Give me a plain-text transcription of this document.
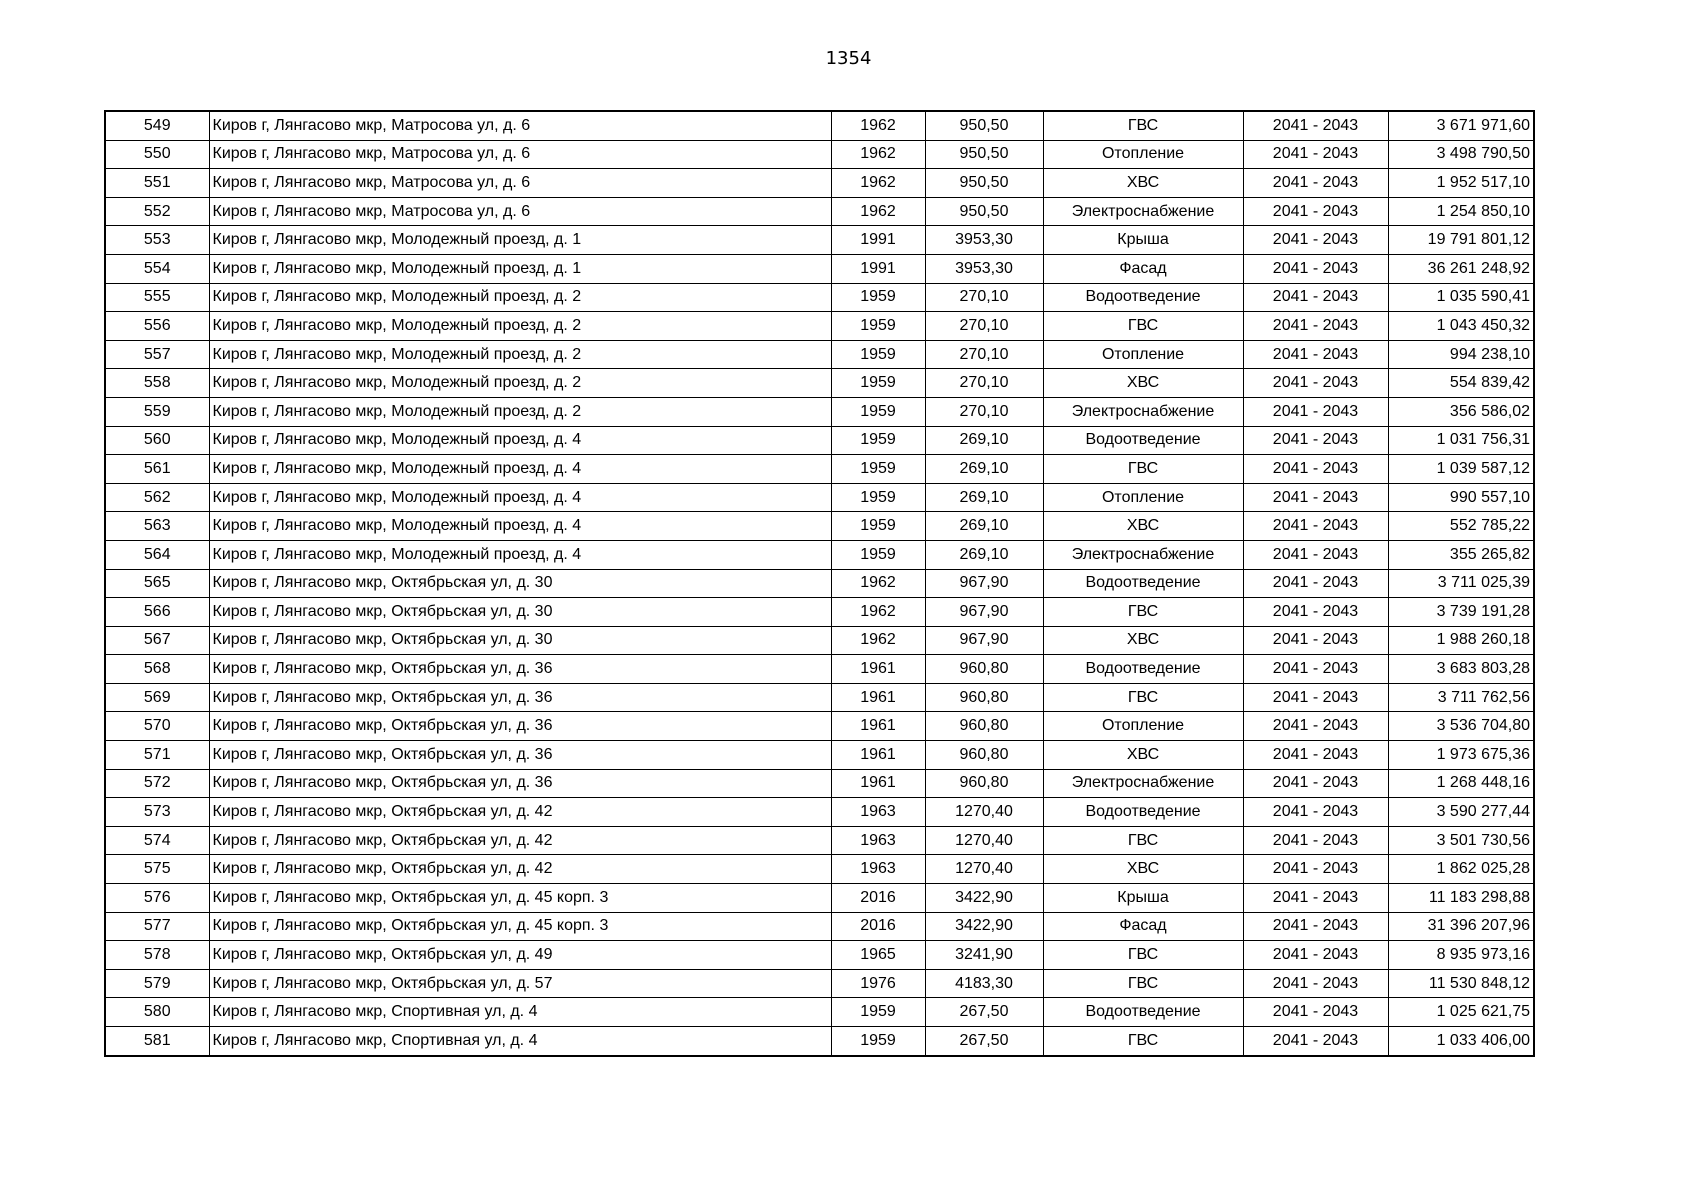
1354
549	Киров г, Лянгасово мкр, Матросова ул, д. 6	1962	950,50	ГВС	2041 - 2043	3 671 971,60
550	Киров г, Лянгасово мкр, Матросова ул, д. 6	1962	950,50	Отопление	2041 - 2043	3 498 790,50
551	Киров г, Лянгасово мкр, Матросова ул, д. 6	1962	950,50	ХВС	2041 - 2043	1 952 517,10
552	Киров г, Лянгасово мкр, Матросова ул, д. 6	1962	950,50	Электроснабжение	2041 - 2043	1 254 850,10
553	Киров г, Лянгасово мкр, Молодежный проезд, д. 1	1991	3953,30	Крыша	2041 - 2043	19 791 801,12
554	Киров г, Лянгасово мкр, Молодежный проезд, д. 1	1991	3953,30	Фасад	2041 - 2043	36 261 248,92
555	Киров г, Лянгасово мкр, Молодежный проезд, д. 2	1959	270,10	Водоотведение	2041 - 2043	1 035 590,41
556	Киров г, Лянгасово мкр, Молодежный проезд, д. 2	1959	270,10	ГВС	2041 - 2043	1 043 450,32
557	Киров г, Лянгасово мкр, Молодежный проезд, д. 2	1959	270,10	Отопление	2041 - 2043	994 238,10
558	Киров г, Лянгасово мкр, Молодежный проезд, д. 2	1959	270,10	ХВС	2041 - 2043	554 839,42
559	Киров г, Лянгасово мкр, Молодежный проезд, д. 2	1959	270,10	Электроснабжение	2041 - 2043	356 586,02
560	Киров г, Лянгасово мкр, Молодежный проезд, д. 4	1959	269,10	Водоотведение	2041 - 2043	1 031 756,31
561	Киров г, Лянгасово мкр, Молодежный проезд, д. 4	1959	269,10	ГВС	2041 - 2043	1 039 587,12
562	Киров г, Лянгасово мкр, Молодежный проезд, д. 4	1959	269,10	Отопление	2041 - 2043	990 557,10
563	Киров г, Лянгасово мкр, Молодежный проезд, д. 4	1959	269,10	ХВС	2041 - 2043	552 785,22
564	Киров г, Лянгасово мкр, Молодежный проезд, д. 4	1959	269,10	Электроснабжение	2041 - 2043	355 265,82
565	Киров г, Лянгасово мкр, Октябрьская ул, д. 30	1962	967,90	Водоотведение	2041 - 2043	3 711 025,39
566	Киров г, Лянгасово мкр, Октябрьская ул, д. 30	1962	967,90	ГВС	2041 - 2043	3 739 191,28
567	Киров г, Лянгасово мкр, Октябрьская ул, д. 30	1962	967,90	ХВС	2041 - 2043	1 988 260,18
568	Киров г, Лянгасово мкр, Октябрьская ул, д. 36	1961	960,80	Водоотведение	2041 - 2043	3 683 803,28
569	Киров г, Лянгасово мкр, Октябрьская ул, д. 36	1961	960,80	ГВС	2041 - 2043	3 711 762,56
570	Киров г, Лянгасово мкр, Октябрьская ул, д. 36	1961	960,80	Отопление	2041 - 2043	3 536 704,80
571	Киров г, Лянгасово мкр, Октябрьская ул, д. 36	1961	960,80	ХВС	2041 - 2043	1 973 675,36
572	Киров г, Лянгасово мкр, Октябрьская ул, д. 36	1961	960,80	Электроснабжение	2041 - 2043	1 268 448,16
573	Киров г, Лянгасово мкр, Октябрьская ул, д. 42	1963	1270,40	Водоотведение	2041 - 2043	3 590 277,44
574	Киров г, Лянгасово мкр, Октябрьская ул, д. 42	1963	1270,40	ГВС	2041 - 2043	3 501 730,56
575	Киров г, Лянгасово мкр, Октябрьская ул, д. 42	1963	1270,40	ХВС	2041 - 2043	1 862 025,28
576	Киров г, Лянгасово мкр, Октябрьская ул, д. 45 корп. 3	2016	3422,90	Крыша	2041 - 2043	11 183 298,88
577	Киров г, Лянгасово мкр, Октябрьская ул, д. 45 корп. 3	2016	3422,90	Фасад	2041 - 2043	31 396 207,96
578	Киров г, Лянгасово мкр, Октябрьская ул, д. 49	1965	3241,90	ГВС	2041 - 2043	8 935 973,16
579	Киров г, Лянгасово мкр, Октябрьская ул, д. 57	1976	4183,30	ГВС	2041 - 2043	11 530 848,12
580	Киров г, Лянгасово мкр, Спортивная ул, д. 4	1959	267,50	Водоотведение	2041 - 2043	1 025 621,75
581	Киров г, Лянгасово мкр, Спортивная ул, д. 4	1959	267,50	ГВС	2041 - 2043	1 033 406,00
